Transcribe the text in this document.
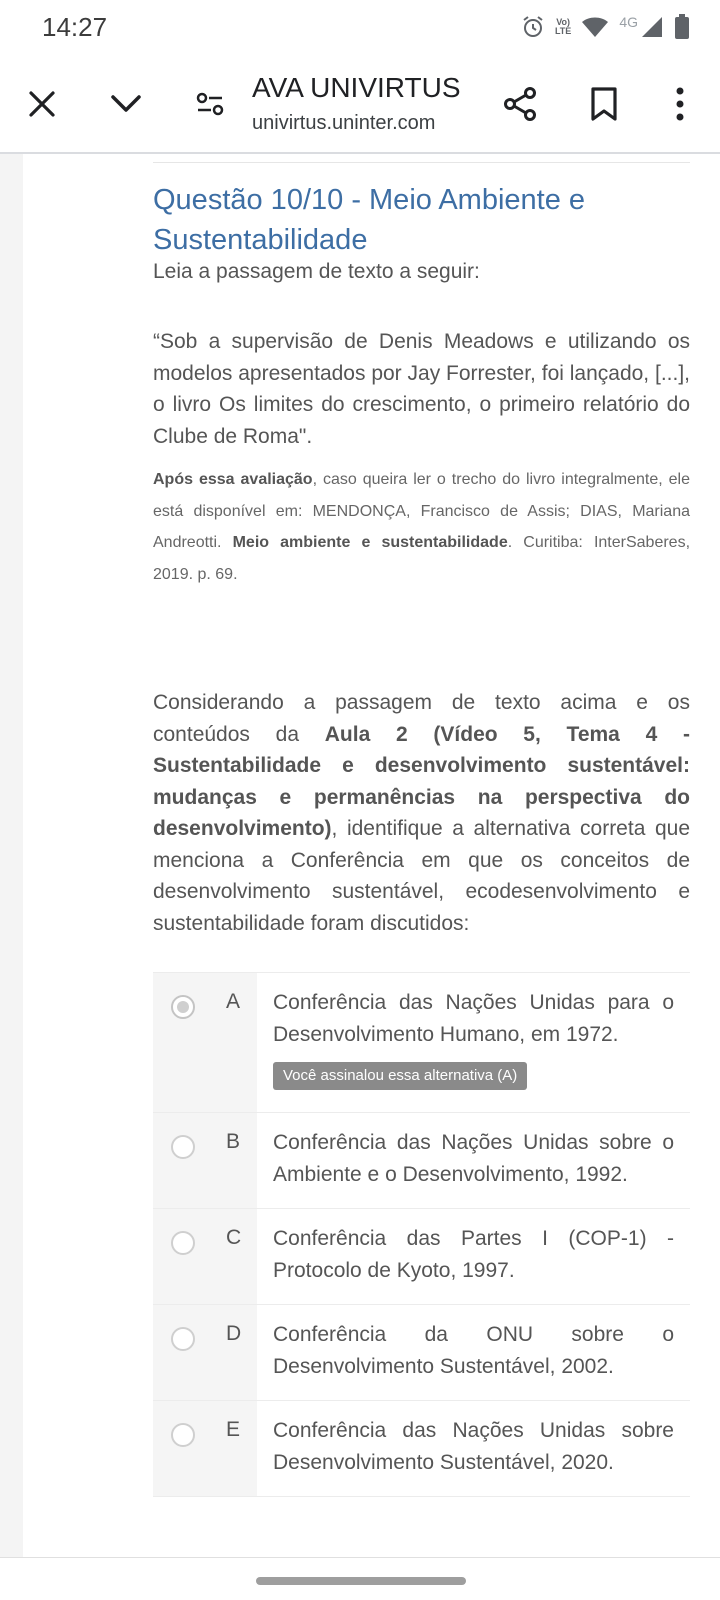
14:27	Vo)
LTE
4G
AVA UNIVIRTUS
univirtus.uninter.com
Questão 10/10 - Meio Ambiente e Sustentabilidade
Leia a passagem de texto a seguir:
“Sob a supervisão de Denis Meadows e utilizando os modelos apresentados por Jay Forrester, foi lançado, [...], o livro Os limites do crescimento, o primeiro relatório do Clube de Roma".
Após essa avaliação, caso queira ler o trecho do livro integralmente, ele está disponível em: MENDONÇA, Francisco de Assis; DIAS, Mariana Andreotti. Meio ambiente e sustentabilidade. Curitiba: InterSaberes, 2019. p. 69.
Considerando a passagem de texto acima e os conteúdos da Aula 2 (Vídeo 5, Tema 4 - Sustentabilidade e desenvolvimento sustentável: mudanças e permanências na perspectiva do desenvolvimento), identifique a alternativa correta que menciona a Conferência em que os conceitos de desenvolvimento sustentável, ecodesenvolvimento e sustentabilidade foram discutidos:
A Conferência das Nações Unidas para o Desenvolvimento Humano, em 1972.
Você assinalou essa alternativa (A)
B Conferência das Nações Unidas sobre o Ambiente e o Desenvolvimento, 1992.
C Conferência das Partes I (COP-1) - Protocolo de Kyoto, 1997.
D Conferência da ONU sobre o Desenvolvimento Sustentável, 2002.
E Conferência das Nações Unidas sobre Desenvolvimento Sustentável, 2020.
